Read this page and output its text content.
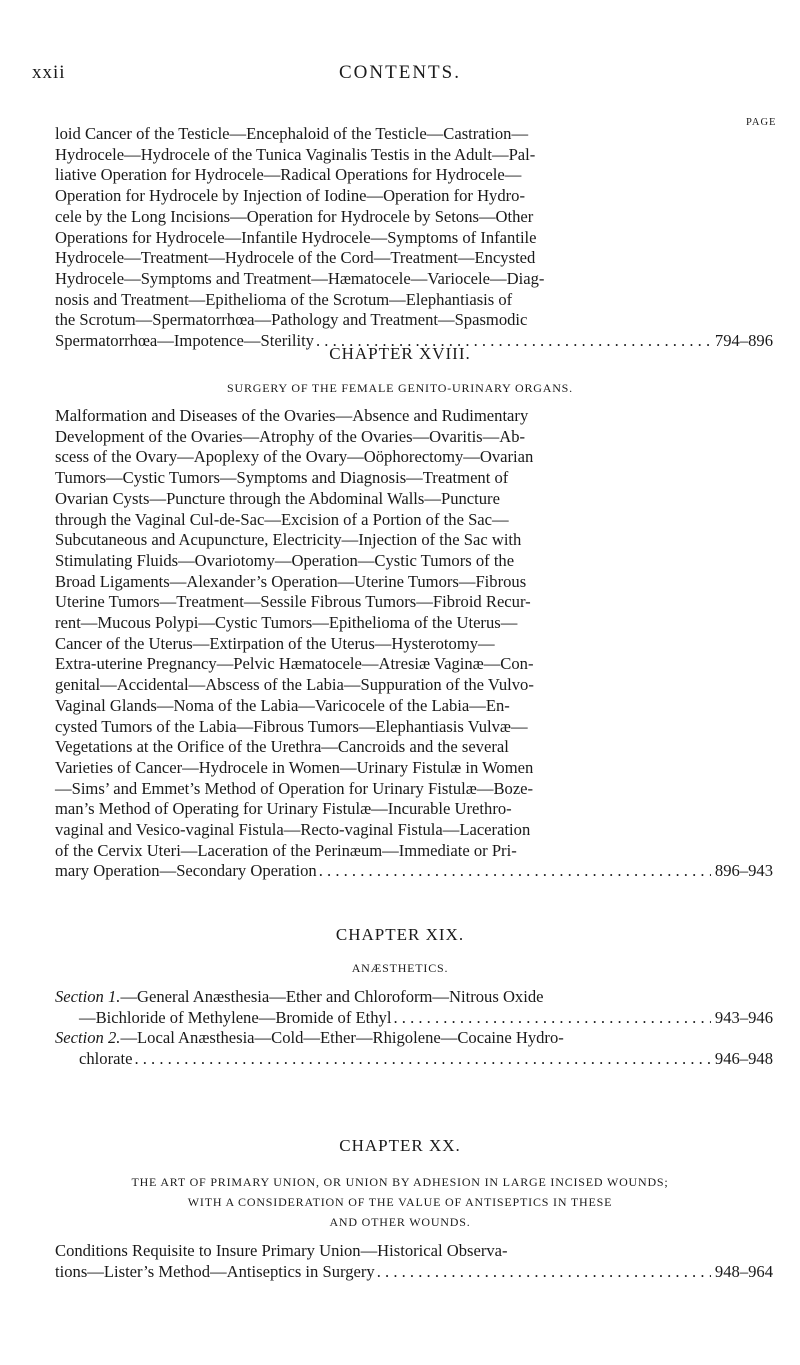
xxii	CONTENTS.
PAGE
loid Cancer of the Testicle—Encephaloid of the Testicle—Castration—
Hydrocele—Hydrocele of the Tunica Vaginalis Testis in the Adult—Pal-
liative Operation for Hydrocele—Radical Operations for Hydrocele—
Operation for Hydrocele by Injection of Iodine—Operation for Hydro-
cele by the Long Incisions—Operation for Hydrocele by Setons—Other
Operations for Hydrocele—Infantile Hydrocele—Symptoms of Infantile
Hydrocele—Treatment—Hydrocele of the Cord—Treatment—Encysted
Hydrocele—Symptoms and Treatment—Hæmatocele—Variocele—Diag-
nosis and Treatment—Epithelioma of the Scrotum—Elephantiasis of
the Scrotum—Spermatorrhœa—Pathology and Treatment—Spasmodic
Spermatorrhœa—Impotence—Sterility . . .	794–896
CHAPTER XVIII.
SURGERY OF THE FEMALE GENITO-URINARY ORGANS.
Malformation and Diseases of the Ovaries—Absence and Rudimentary
Development of the Ovaries—Atrophy of the Ovaries—Ovaritis—Ab-
scess of the Ovary—Apoplexy of the Ovary—Oöphorectomy—Ovarian
Tumors—Cystic Tumors—Symptoms and Diagnosis—Treatment of
Ovarian Cysts—Puncture through the Abdominal Walls—Puncture
through the Vaginal Cul-de-Sac—Excision of a Portion of the Sac—
Subcutaneous and Acupuncture, Electricity—Injection of the Sac with
Stimulating Fluids—Ovariotomy—Operation—Cystic Tumors of the
Broad Ligaments—Alexander’s Operation—Uterine Tumors—Fibrous
Uterine Tumors—Treatment—Sessile Fibrous Tumors—Fibroid Recur-
rent—Mucous Polypi—Cystic Tumors—Epithelioma of the Uterus—
Cancer of the Uterus—Extirpation of the Uterus—Hysterotomy—
Extra-uterine Pregnancy—Pelvic Hæmatocele—Atresiæ Vaginæ—Con-
genital—Accidental—Abscess of the Labia—Suppuration of the Vulvo-
Vaginal Glands—Noma of the Labia—Varicocele of the Labia—En-
cysted Tumors of the Labia—Fibrous Tumors—Elephantiasis Vulvæ—
Vegetations at the Orifice of the Urethra—Cancroids and the several
Varieties of Cancer—Hydrocele in Women—Urinary Fistulæ in Women
—Sims’ and Emmet’s Method of Operation for Urinary Fistulæ—Boze-
man’s Method of Operating for Urinary Fistulæ—Incurable Urethro-
vaginal and Vesico-vaginal Fistula—Recto-vaginal Fistula—Laceration
of the Cervix Uteri—Laceration of the Perinæum—Immediate or Pri-
mary Operation—Secondary Operation . . .	896–943
CHAPTER XIX.
ANÆSTHETICS.
Section 1.—General Anæsthesia—Ether and Chloroform—Nitrous Oxide
—Bichloride of Methylene—Bromide of Ethyl . . .	943–946
Section 2.—Local Anæsthesia—Cold—Ether—Rhigolene—Cocaine Hydro-
chlorate . . .	946–948
CHAPTER XX.
THE ART OF PRIMARY UNION, OR UNION BY ADHESION IN LARGE INCISED WOUNDS;
WITH A CONSIDERATION OF THE VALUE OF ANTISEPTICS IN THESE
AND OTHER WOUNDS.
Conditions Requisite to Insure Primary Union—Historical Observa-
tions—Lister’s Method—Antiseptics in Surgery . . .	948–964
